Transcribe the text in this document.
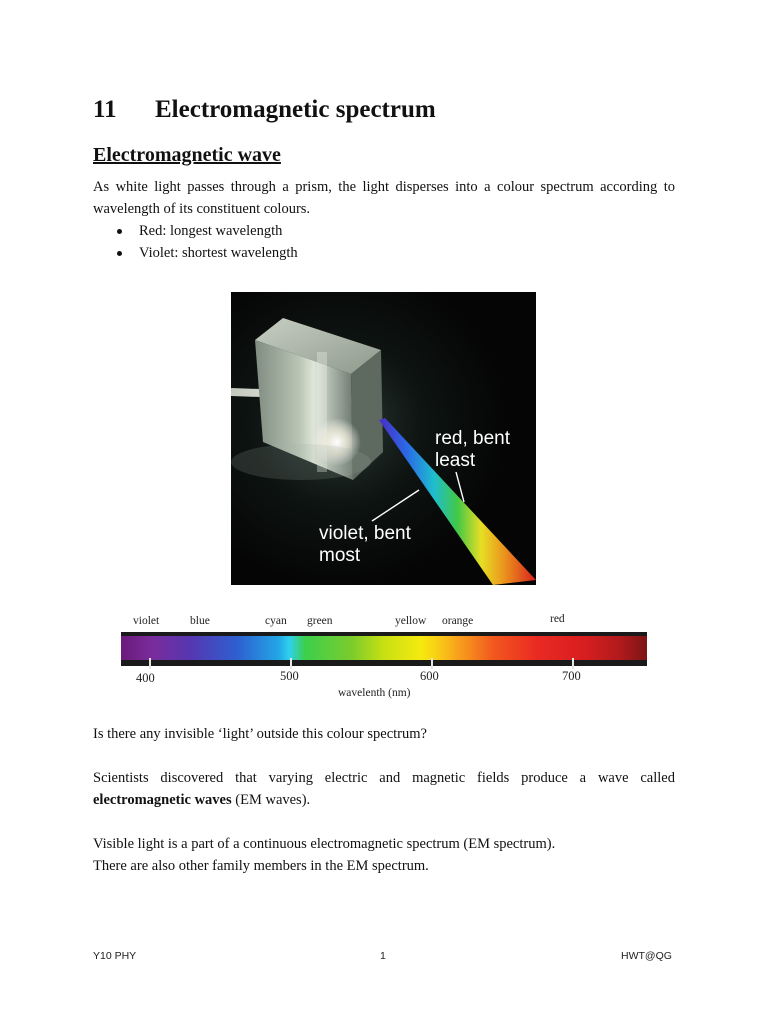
11 Electromagnetic spectrum
Electromagnetic wave

As white light passes through a prism, the light disperses into a colour spectrum according to wavelength of its constituent colours.

Red: longest wavelength
Violet: shortest wavelength

red, bent
least

violet, bent
most

violet	blue	cyan green	yellow orange	red
400	500	600	700
wavelenth (nm)

Is there any invisible ‘light’ outside this colour spectrum?

Scientists discovered that varying electric and magnetic fields produce a wave called electromagnetic waves (EM waves).

Visible light is a part of a continuous electromagnetic spectrum (EM spectrum).
There are also other family members in the EM spectrum.

Y10 PHY	1	HWT@QG
